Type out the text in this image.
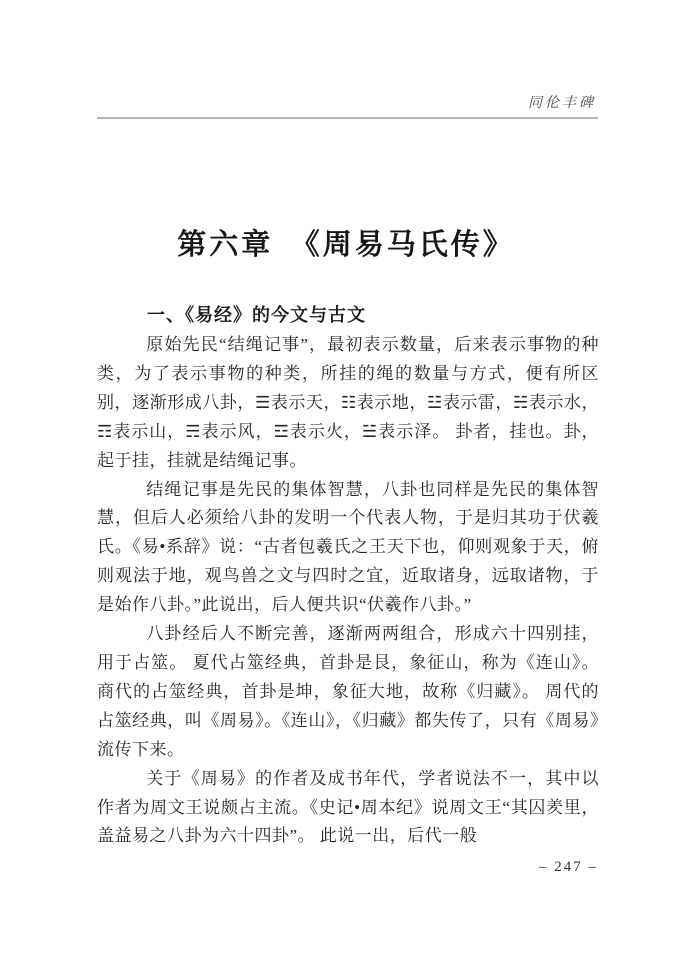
同伦丰碑
第六章　《周易马氏传》
一、《易经》的今文与古文

原始先民“结绳记事”，最初表示数量，后来表示事物的种类，为了表示事物的种类，所挂的绳的数量与方式，便有所区别，逐渐形成八卦，☰表示天，☷表示地，☳表示雷，☵表示水，☶表示山，☴表示风，☲表示火，☱表示泽。 卦者，挂也。卦，起于挂，挂就是结绳记事。

结绳记事是先民的集体智慧，八卦也同样是先民的集体智慧，但后人必须给八卦的发明一个代表人物，于是归其功于伏羲氏。《易•系辞》说：“古者包羲氏之王天下也，仰则观象于天，俯则观法于地，观鸟兽之文与四时之宜，近取诸身，远取诸物，于是始作八卦。”此说出，后人便共识“伏羲作八卦。”

八卦经后人不断完善，逐渐两两组合，形成六十四别挂，用于占筮。 夏代占筮经典，首卦是艮，象征山，称为《连山》。 商代的占筮经典，首卦是坤，象征大地，故称《归藏》。 周代的占筮经典，叫《周易》。《连山》，《归藏》都失传了，只有《周易》流传下来。

关于《周易》的作者及成书年代，学者说法不一，其中以作者为周文王说颇占主流。《史记•周本纪》说周文王“其囚羑里，盖益易之八卦为六十四卦”。 此说一出，后代一般

– 247 –
